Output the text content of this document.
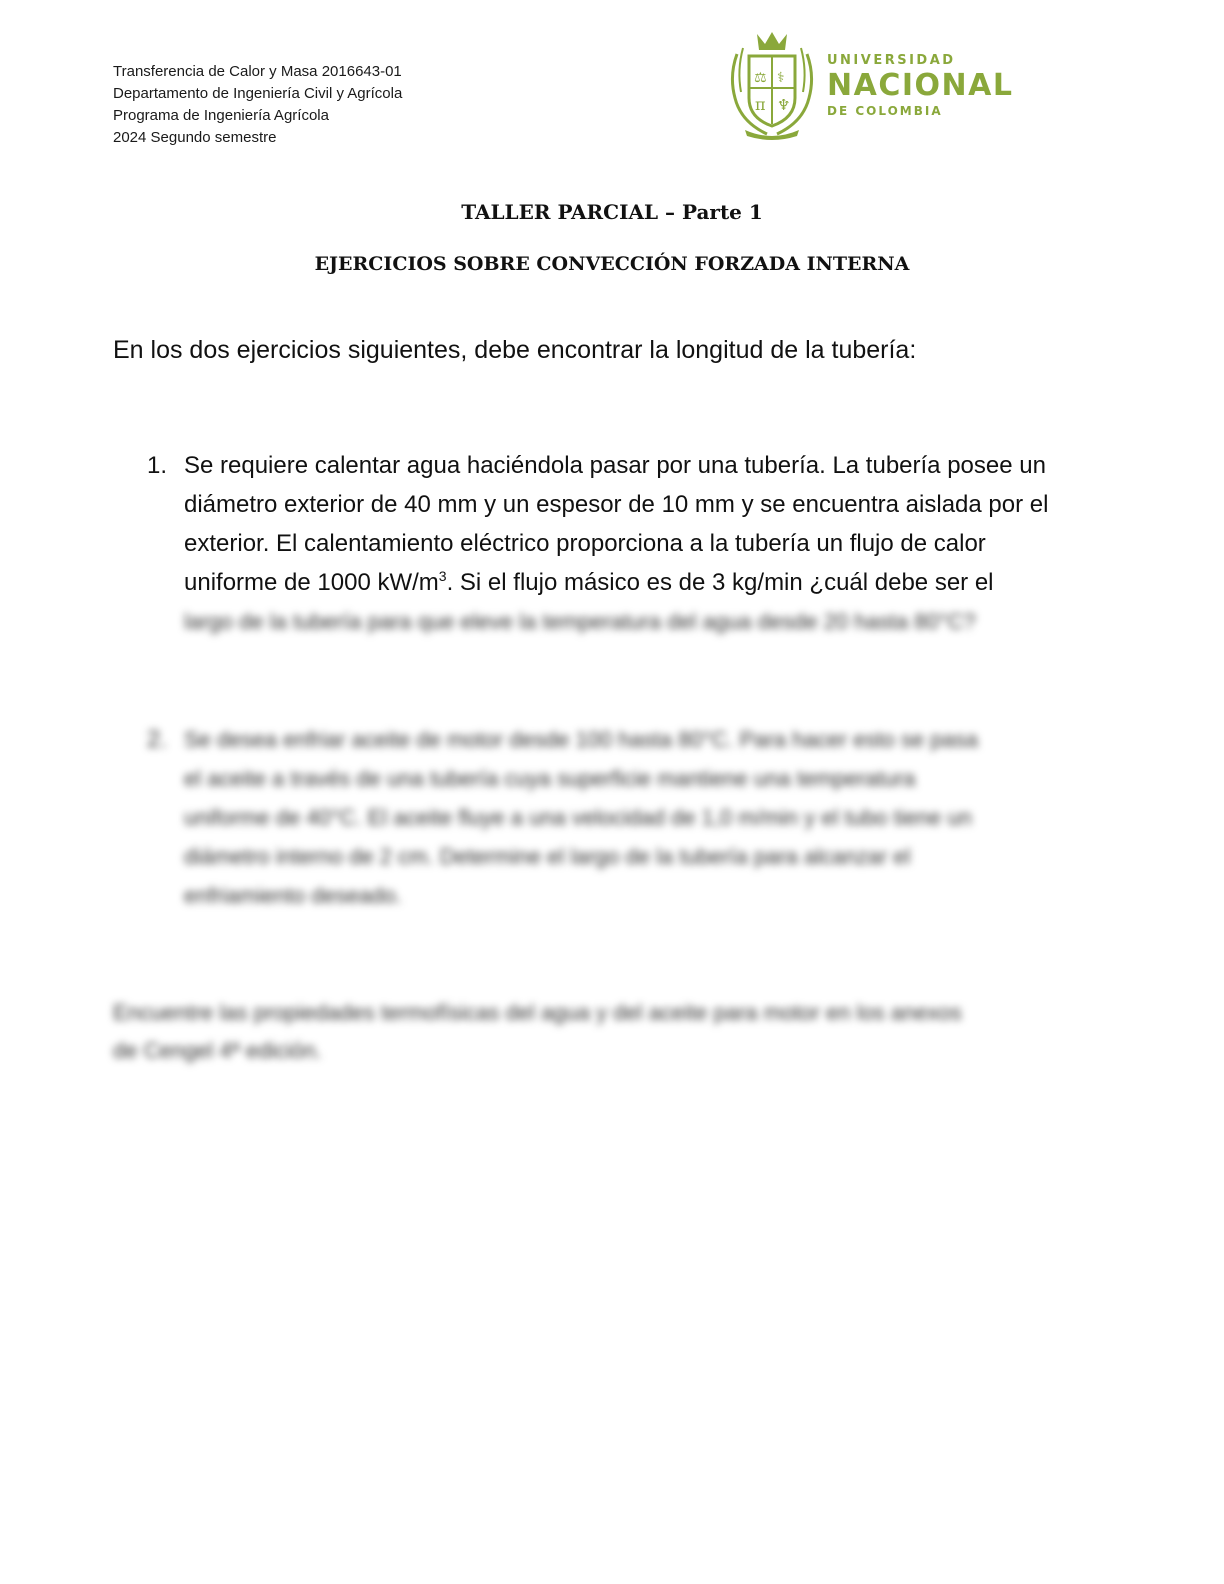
Transferencia de Calor y Masa 2016643-01
Departamento de Ingeniería Civil y Agrícola
Programa de Ingeniería Agrícola
2024 Segundo semestre
⚖ ⚕
π ♆
UNIVERSIDAD
NACIONAL
DE COLOMBIA
TALLER PARCIAL – Parte 1
EJERCICIOS SOBRE CONVECCIÓN FORZADA INTERNA
En los dos ejercicios siguientes, debe encontrar la longitud de la tubería:
1. Se requiere calentar agua haciéndola pasar por una tubería. La tubería posee un
diámetro exterior de 40 mm y un espesor de 10 mm y se encuentra aislada por el
exterior. El calentamiento eléctrico proporciona a la tubería un flujo de calor
uniforme de 1000 $kW/m^3$. Si el flujo másico es de 3 kg/min ¿cuál debe ser el
largo de la tubería para que eleve la temperatura del agua desde 20 hasta 80°C?
2. Se desea enfriar aceite de motor desde 100 hasta 80°C. Para hacer esto se pasa
el aceite a través de una tubería cuya superficie mantiene una temperatura
uniforme de 40°C. El aceite fluye a una velocidad de 1,0 m/min y el tubo tiene un
diámetro interno de 2 cm. Determine el largo de la tubería para alcanzar el
enfriamiento deseado.
Encuentre las propiedades termofísicas del agua y del aceite para motor en los anexos
de Cengel 4ª edición.
